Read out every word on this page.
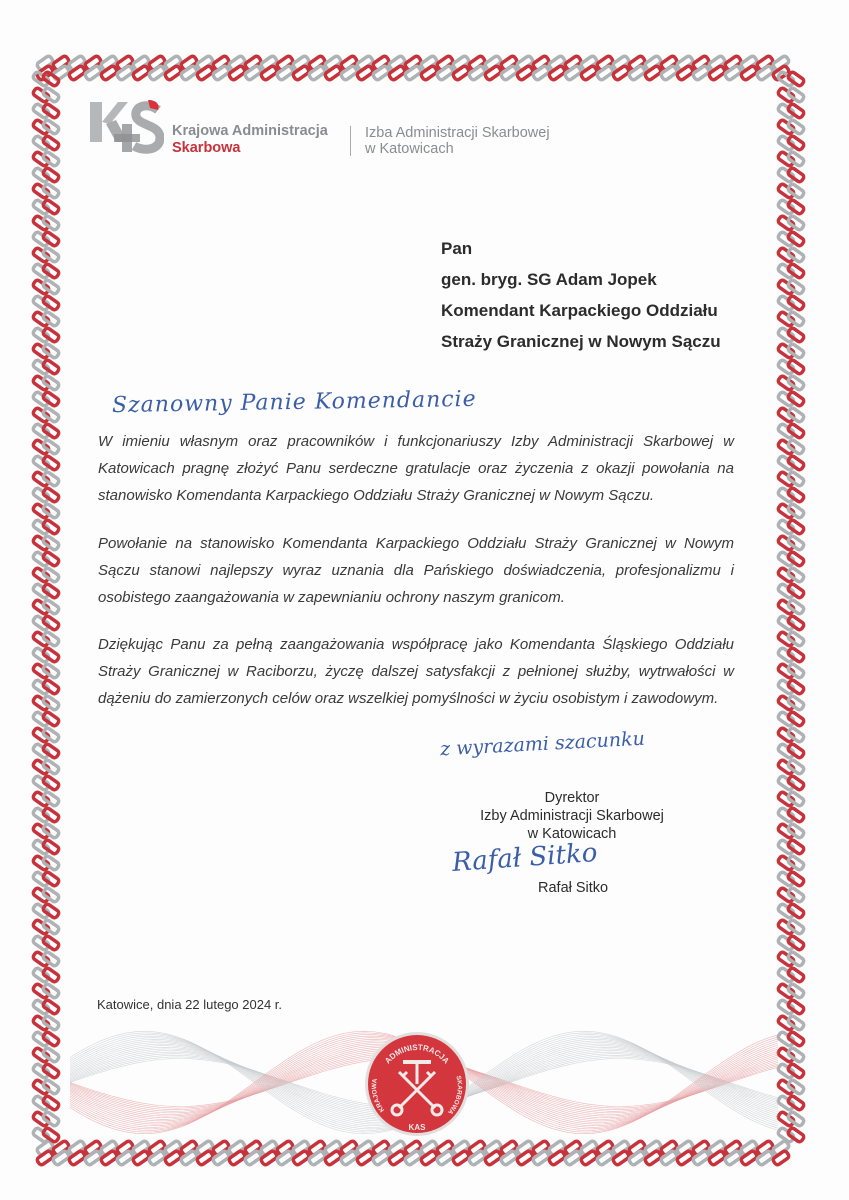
Krajowa Administracja
Skarbowa
Izba Administracji Skarbowej
w Katowicach
Pan
gen. bryg. SG Adam Jopek
Komendant Karpackiego Oddziału
Straży Granicznej w Nowym Sączu
Szanowny Panie Komendancie
W imieniu własnym oraz pracowników i funkcjonariuszy Izby Administracji Skarbowej w Katowicach pragnę złożyć Panu serdeczne gratulacje oraz życzenia z okazji powołania na stanowisko Komendanta Karpackiego Oddziału Straży Granicznej w Nowym Sączu.
Powołanie na stanowisko Komendanta Karpackiego Oddziału Straży Granicznej w Nowym Sączu stanowi najlepszy wyraz uznania dla Pańskiego doświadczenia, profesjonalizmu i osobistego zaangażowania w zapewnianiu ochrony naszym granicom.
Dziękując Panu za pełną zaangażowania współpracę jako Komendanta Śląskiego Oddziału Straży Granicznej w Raciborzu, życzę dalszej satysfakcji z pełnionej służby, wytrwałości w dążeniu do zamierzonych celów oraz wszelkiej pomyślności w życiu osobistym i zawodowym.
z wyrazami szacunku
Dyrektor
Izby Administracji Skarbowej
w Katowicach
Rafał Sitko
Rafał Sitko
Katowice, dnia 22 lutego 2024 r.
ADMINISTRACJA
KRAJOWA
SKARBOWA
KAS
